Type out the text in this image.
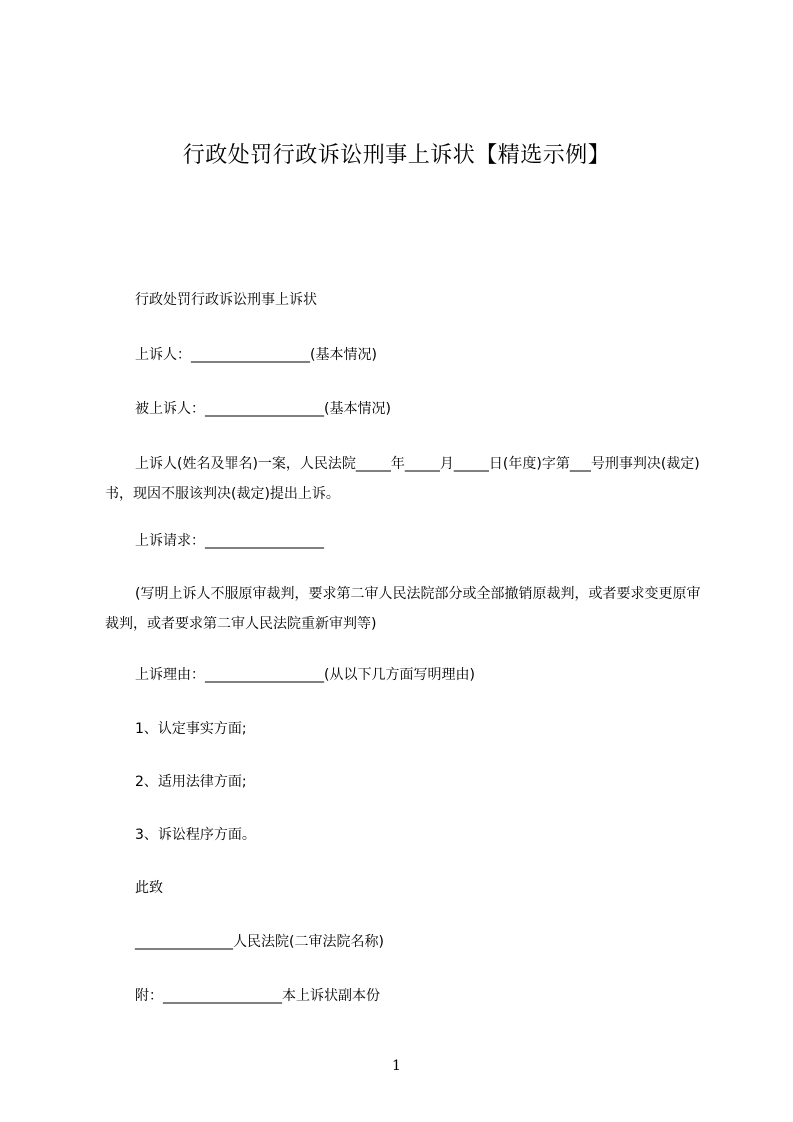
行政处罚行政诉讼刑事上诉状【精选示例】

行政处罚行政诉讼刑事上诉状

上诉人：_________________(基本情况)

被上诉人：_________________(基本情况)

上诉人(姓名及罪名)一案，人民法院_____年_____月_____日(年度)字第___号刑事判决(裁定)书，现因不服该判决(裁定)提出上诉。

上诉请求：_________________

(写明上诉人不服原审裁判，要求第二审人民法院部分或全部撤销原裁判，或者要求变更原审裁判，或者要求第二审人民法院重新审判等)

上诉理由：_________________(从以下几方面写明理由)

1、认定事实方面;

2、适用法律方面;

3、诉讼程序方面。

此致

______________人民法院(二审法院名称)

附：_________________本上诉状副本份

1
